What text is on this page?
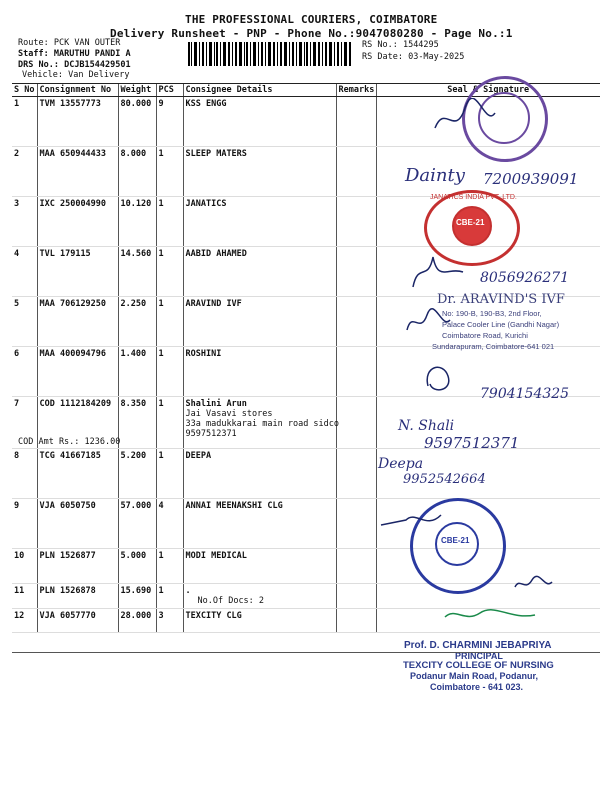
THE PROFESSIONAL COURIERS, COIMBATORE
Delivery Runsheet - PNP - Phone No.:9047080280 - Page No.:1
Route: PCK VAN OUTER
Staff: MARUTHU PANDI A
DRS No.: DCJB154429501
Vehicle: Van Delivery
RS No.: 1544295
RS Date: 03-May-2025
S No	Consignment No	Weight	PCS	Consignee Details	Remarks	Seal & Signature
1	TVM 13557773	80.000	9	KSS ENGG		
2	MAA 650944433	8.000	1	SLEEP MATERS		
3	IXC 250004990	10.120	1	JANATICS		
4	TVL 179115	14.560	1	AABID AHAMED		
5	MAA 706129250	2.250	1	ARAVIND IVF		
6	MAA 400094796	1.400	1	ROSHINI		
7	COD 1112184209	8.350	1	Shalini Arun
Jai Vasavi stores
33a madukkarai main road sidco
9597512371		

8	TCG 41667185	5.200	1	DEEPA		
9	VJA 6050750	57.000	4	ANNAI MEENAKSHI CLG		
10	PLN 1526877	5.000	1	MODI MEDICAL		
11	PLN 1526878	15.690	1	.
No.Of Docs: 2		

12	VJA 6057770	28.000	3	TEXCITY CLG		
COD Amt Rs.: 1236.00
Dainty 7200939091
CBE-21
JANATICS INDIA PVT. LTD.
8056926271
Dr. ARAVIND'S IVF
No: 190-B, 190-B3, 2nd Floor,
Palace Cooler Line (Gandhi Nagar)
Coimbatore Road, Kurichi
Sundarapuram, Coimbatore-641 021
7904154325
N. Shali
9597512371
Deepa
9952542664
CBE-21
Prof. D. CHARMINI JEBAPRIYA
PRINCIPAL
TEXCITY COLLEGE OF NURSING
Podanur Main Road, Podanur,
Coimbatore - 641 023.
